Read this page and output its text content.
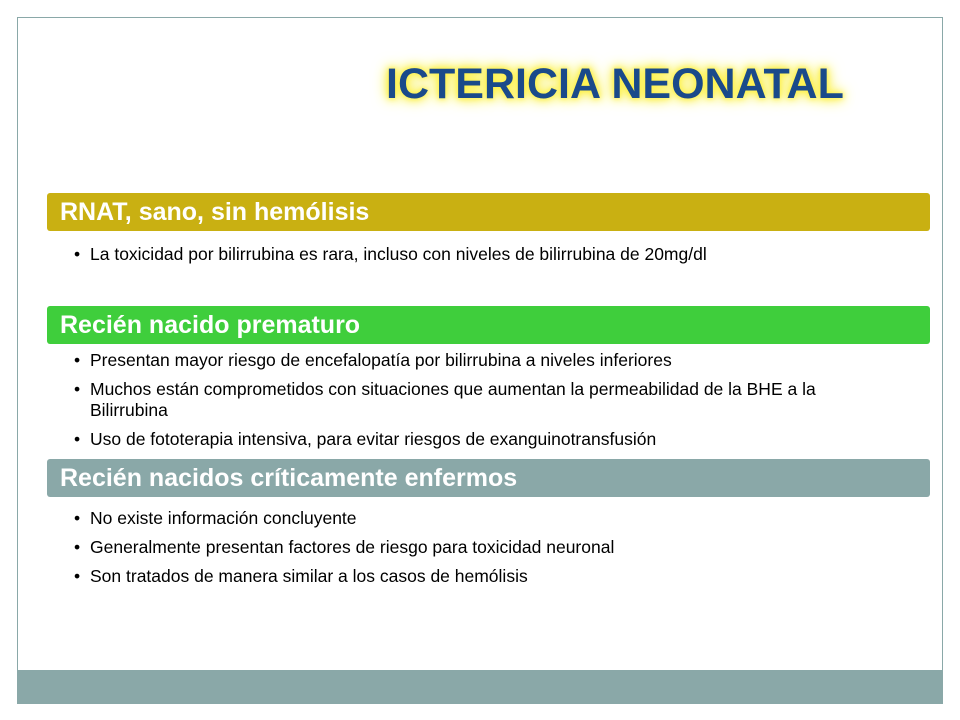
ICTERICIA NEONATAL
RNAT, sano, sin hemólisis
• La toxicidad por bilirrubina es rara, incluso con niveles de bilirrubina de 20mg/dl
Recién nacido prematuro
• Presentan mayor riesgo de encefalopatía por bilirrubina a niveles inferiores
• Muchos están comprometidos con situaciones que aumentan la permeabilidad de la BHE a la Bilirrubina
• Uso de fototerapia intensiva, para evitar riesgos de exanguinotransfusión
Recién nacidos críticamente enfermos
• No existe información concluyente
• Generalmente presentan factores de riesgo para toxicidad neuronal
• Son tratados de manera similar a los casos de hemólisis
